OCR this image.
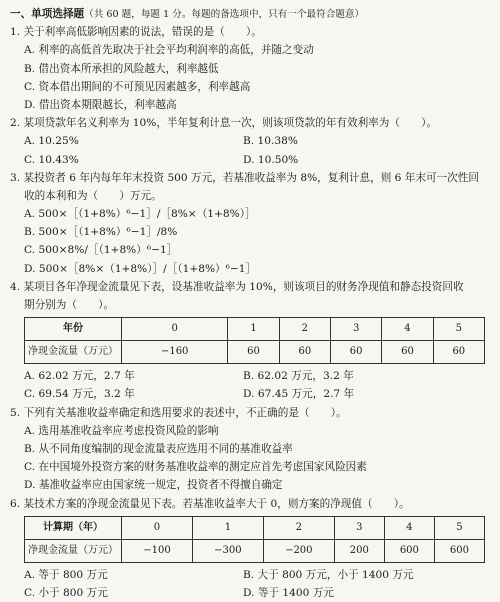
一、单项选择题（共 60 题，每题 1 分。每题的备选项中，只有一个最符合题意）
1. 关于利率高低影响因素的说法，错误的是（　　）。
A. 利率的高低首先取决于社会平均利润率的高低，并随之变动
B. 借出资本所承担的风险越大，利率越低
C. 资本借出期间的不可预见因素越多，利率越高
D. 借出资本期限越长，利率越高
2. 某项贷款年名义利率为 10%，半年复利计息一次，则该项贷款的年有效利率为（　　）。
A. 10.25%	B. 10.38%
C. 10.43%	D. 10.50%
3. 某投资者 6 年内每年年末投资 500 万元，若基准收益率为 8%，复利计息，则 6 年末可一次性回
收的本利和为（　　）万元。
A. 500×［（1+8%）⁶−1］/［8%×（1+8%）］
B. 500×［（1+8%）⁶−1］/8%
C. 500×8%/［（1+8%）⁶−1］
D. 500×［8%×（1+8%）］/［（1+8%）⁶−1］
4. 某项目各年净现金流量见下表，设基准收益率为 10%，则该项目的财务净现值和静态投资回收
期分别为（　　）。
年份	0	1	2	3	4	5
净现金流量（万元）	−160	60	60	60	60	60
A. 62.02 万元，2.7 年	B. 62.02 万元，3.2 年
C. 69.54 万元，3.2 年	D. 67.45 万元，2.7 年
5. 下列有关基准收益率确定和选用要求的表述中，不正确的是（　　）。
A. 选用基准收益率应考虑投资风险的影响
B. 从不同角度编制的现金流量表应选用不同的基准收益率
C. 在中国境外投资方案的财务基准收益率的测定应首先考虑国家风险因素
D. 基准收益率应由国家统一规定，投资者不得擅自确定
6. 某技术方案的净现金流量见下表。若基准收益率大于 0，则方案的净现值（　　）。
计算期（年）	0	1	2	3	4	5
净现金流量（万元）	−100	−300	−200	200	600	600
A. 等于 800 万元	B. 大于 800 万元，小于 1400 万元
C. 小于 800 万元	D. 等于 1400 万元
